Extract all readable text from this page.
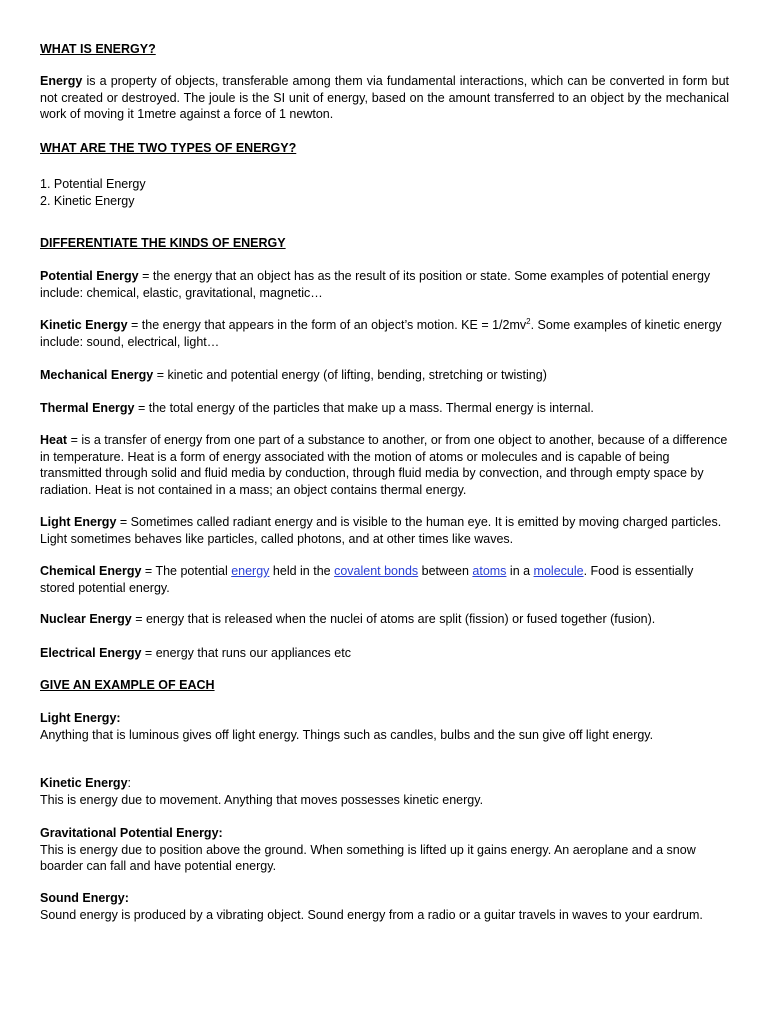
WHAT IS ENERGY?

Energy is a property of objects, transferable among them via fundamental interactions, which can be converted in form but not created or destroyed. The joule is the SI unit of energy, based on the amount transferred to an object by the mechanical work of moving it 1metre against a force of 1 newton.

WHAT ARE THE TWO TYPES OF ENERGY?
1. Potential Energy
2. Kinetic Energy
DIFFERENTIATE THE KINDS OF ENERGY

Potential Energy = the energy that an object has as the result of its position or state. Some examples of potential energy include: chemical, elastic, gravitational, magnetic…

Kinetic Energy = the energy that appears in the form of an object’s motion. KE = $1/2mv^2$. Some examples of kinetic energy include: sound, electrical, light…

Mechanical Energy = kinetic and potential energy (of lifting, bending, stretching or twisting)

Thermal Energy = the total energy of the particles that make up a mass. Thermal energy is internal.

Heat = is a transfer of energy from one part of a substance to another, or from one object to another, because of a difference in temperature. Heat is a form of energy associated with the motion of atoms or molecules and is capable of being transmitted through solid and fluid media by conduction, through fluid media by convection, and through empty space by radiation. Heat is not contained in a mass; an object contains thermal energy.

Light Energy = Sometimes called radiant energy and is visible to the human eye. It is emitted by moving charged particles. Light sometimes behaves like particles, called photons, and at other times like waves.

Chemical Energy = The potential energy held in the covalent bonds between atoms in a molecule. Food is essentially stored potential energy.

Nuclear Energy = energy that is released when the nuclei of atoms are split (fission) or fused together (fusion).

Electrical Energy = energy that runs our appliances etc

GIVE AN EXAMPLE OF EACH
Light Energy:
Anything that is luminous gives off light energy. Things such as candles, bulbs and the sun give off light energy.
Kinetic Energy:
This is energy due to movement. Anything that moves possesses kinetic energy.
Gravitational Potential Energy:
This is energy due to position above the ground. When something is lifted up it gains energy. An aeroplane and a snow boarder can fall and have potential energy.
Sound Energy:
Sound energy is produced by a vibrating object. Sound energy from a radio or a guitar travels in waves to your eardrum.
